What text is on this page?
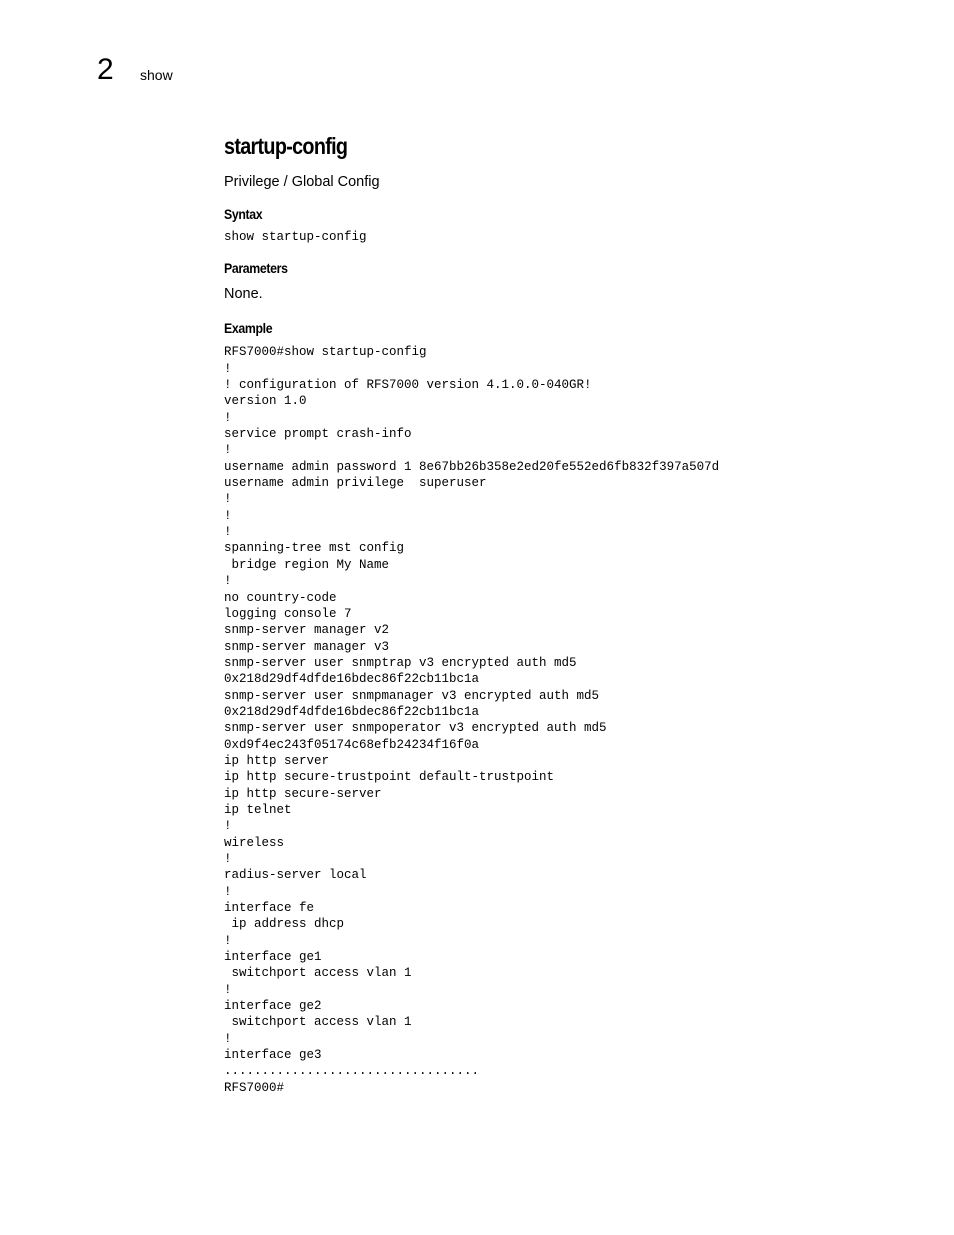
2 show
startup-config
Privilege / Global Config
Syntax
show startup-config
Parameters
None.
Example
RFS7000#show startup-config
!
! configuration of RFS7000 version 4.1.0.0-040GR!
version 1.0
!
service prompt crash-info
!
username admin password 1 8e67bb26b358e2ed20fe552ed6fb832f397a507d
username admin privilege  superuser
!
!
!
spanning-tree mst config
bridge region My Name
!
no country-code
logging console 7
snmp-server manager v2
snmp-server manager v3
snmp-server user snmptrap v3 encrypted auth md5
0x218d29df4dfde16bdec86f22cb11bc1a
snmp-server user snmpmanager v3 encrypted auth md5
0x218d29df4dfde16bdec86f22cb11bc1a
snmp-server user snmpoperator v3 encrypted auth md5
0xd9f4ec243f05174c68efb24234f16f0a
ip http server
ip http secure-trustpoint default-trustpoint
ip http secure-server
ip telnet
!
wireless
!
radius-server local
!
interface fe
ip address dhcp
!
interface ge1
switchport access vlan 1
!
interface ge2
switchport access vlan 1
!
interface ge3
..................................
RFS7000#
